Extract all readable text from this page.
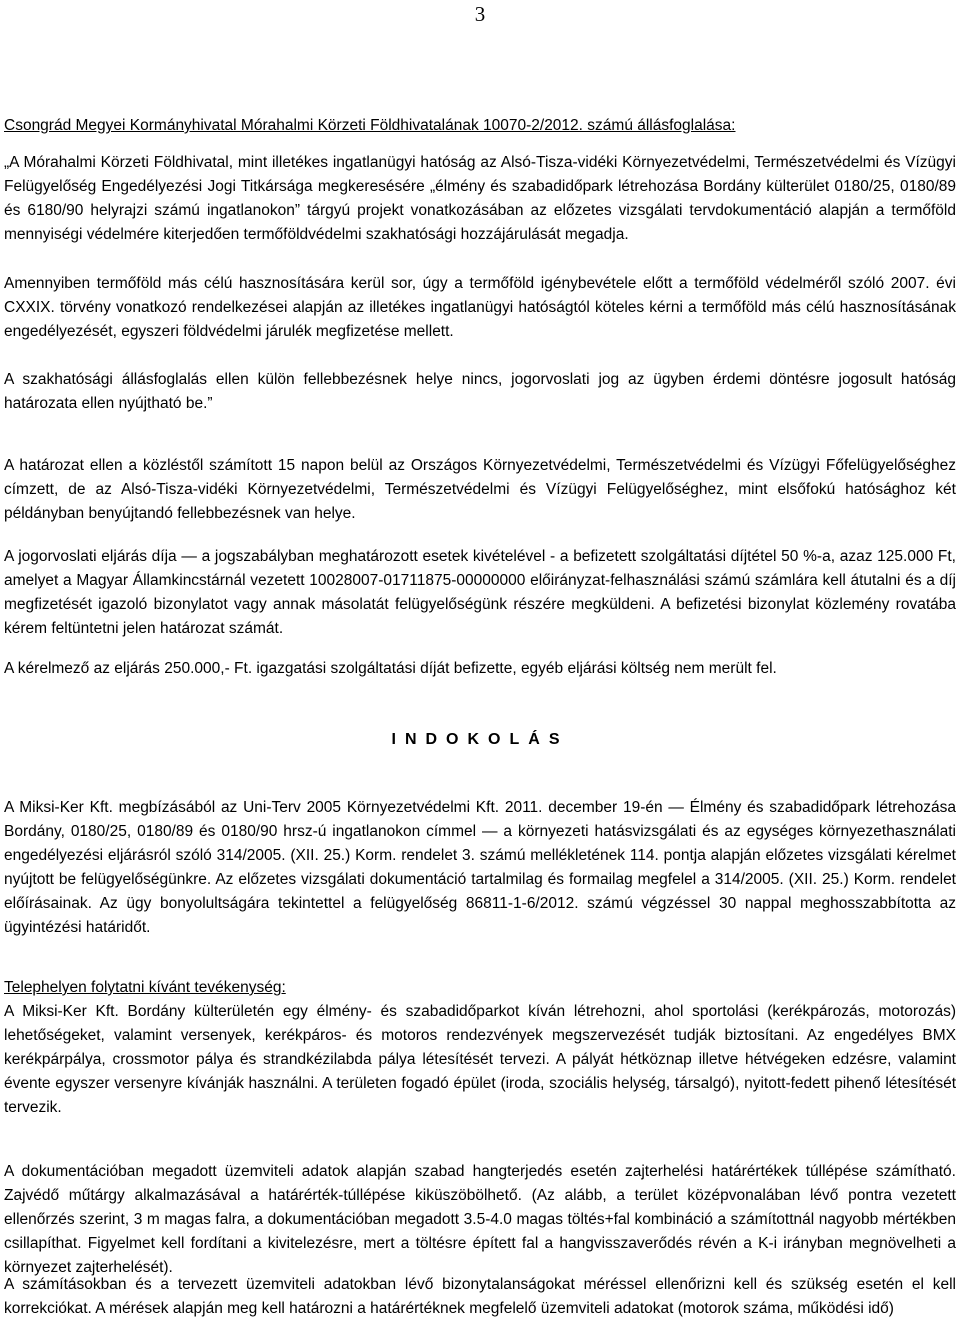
3
Csongrád Megyei Kormányhivatal Mórahalmi Körzeti Földhivatalának 10070-2/2012. számú állásfoglalása:

„A Mórahalmi Körzeti Földhivatal, mint illetékes ingatlanügyi hatóság az Alsó-Tisza-vidéki Környezetvédelmi, Természetvédelmi és Vízügyi Felügyelőség Engedélyezési Jogi Titkársága megkeresésére „élmény és szabadidőpark létrehozása Bordány külterület 0180/25, 0180/89 és 6180/90 helyrajzi számú ingatlanokon” tárgyú projekt vonatkozásában az előzetes vizsgálati tervdokumentáció alapján a termőföld mennyiségi védelmére kiterjedően termőföldvédelmi szakhatósági hozzájárulását megadja.

Amennyiben termőföld más célú hasznosítására kerül sor, úgy a termőföld igénybevétele előtt a termőföld védelméről szóló 2007. évi CXXIX. törvény vonatkozó rendelkezései alapján az illetékes ingatlanügyi hatóságtól köteles kérni a termőföld más célú hasznosításának engedélyezését, egyszeri földvédelmi járulék megfizetése mellett.

A szakhatósági állásfoglalás ellen külön fellebbezésnek helye nincs, jogorvoslati jog az ügyben érdemi döntésre jogosult hatóság határozata ellen nyújtható be.”

A határozat ellen a közléstől számított 15 napon belül az Országos Környezetvédelmi, Természetvédelmi és Vízügyi Főfelügyelőséghez címzett, de az Alsó-Tisza-vidéki Környezetvédelmi, Természetvédelmi és Vízügyi Felügyelőséghez, mint elsőfokú hatósághoz két példányban benyújtandó fellebbezésnek van helye.

A jogorvoslati eljárás díja — a jogszabályban meghatározott esetek kivételével - a befizetett szolgáltatási díjtétel 50 %-a, azaz 125.000 Ft, amelyet a Magyar Államkincstárnál vezetett 10028007-01711875-00000000 előirányzat-felhasználási számú számlára kell átutalni és a díj megfizetését igazoló bizonylatot vagy annak másolatát felügyelőségünk részére megküldeni. A befizetési bizonylat közlemény rovatába kérem feltüntetni jelen határozat számát.

A kérelmező az eljárás 250.000,- Ft. igazgatási szolgáltatási díját befizette, egyéb eljárási költség nem merült fel.

INDOKOLÁS

A Miksi-Ker Kft. megbízásából az Uni-Terv 2005 Környezetvédelmi Kft. 2011. december 19-én — Élmény és szabadidőpark létrehozása Bordány, 0180/25, 0180/89 és 0180/90 hrsz-ú ingatlanokon címmel — a környezeti hatásvizsgálati és az egységes környezethasználati engedélyezési eljárásról szóló 314/2005. (XII. 25.) Korm. rendelet 3. számú mellékletének 114. pontja alapján előzetes vizsgálati kérelmet nyújtott be felügyelőségünkre. Az előzetes vizsgálati dokumentáció tartalmilag és formailag megfelel a 314/2005. (XII. 25.) Korm. rendelet előírásainak. Az ügy bonyolultságára tekintettel a felügyelőség 86811-1-6/2012. számú végzéssel 30 nappal meghosszabbította az ügyintézési határidőt.

Telephelyen folytatni kívánt tevékenység:

A Miksi-Ker Kft. Bordány külterületén egy élmény- és szabadidőparkot kíván létrehozni, ahol sportolási (kerékpározás, motorozás) lehetőségeket, valamint versenyek, kerékpáros- és motoros rendezvények megszervezését tudják biztosítani. Az engedélyes BMX kerékpárpálya, crossmotor pálya és strandkézilabda pálya létesítését tervezi. A pályát hétköznap illetve hétvégeken edzésre, valamint évente egyszer versenyre kívánják használni. A területen fogadó épület (iroda, szociális helység, társalgó), nyitott-fedett pihenő létesítését tervezik.

A dokumentációban megadott üzemviteli adatok alapján szabad hangterjedés esetén zajterhelési határértékek túllépése számítható. Zajvédő műtárgy alkalmazásával a határérték-túllépése kiküszöbölhető. (Az alább, a terület középvonalában lévő pontra vezetett ellenőrzés szerint, 3 m magas falra, a dokumentációban megadott 3.5-4.0 magas töltés+fal kombináció a számítottnál nagyobb mértékben csillapíthat. Figyelmet kell fordítani a kivitelezésre, mert a töltésre épített fal a hangvisszaverődés révén a K-i irányban megnövelheti a környezet zajterhelését).

A számításokban és a tervezett üzemviteli adatokban lévő bizonytalanságokat méréssel ellenőrizni kell és szükség esetén el kell korrekciókat. A mérések alapján meg kell határozni a határértéknek megfelelő üzemviteli adatokat (motorok száma, működési idő)
